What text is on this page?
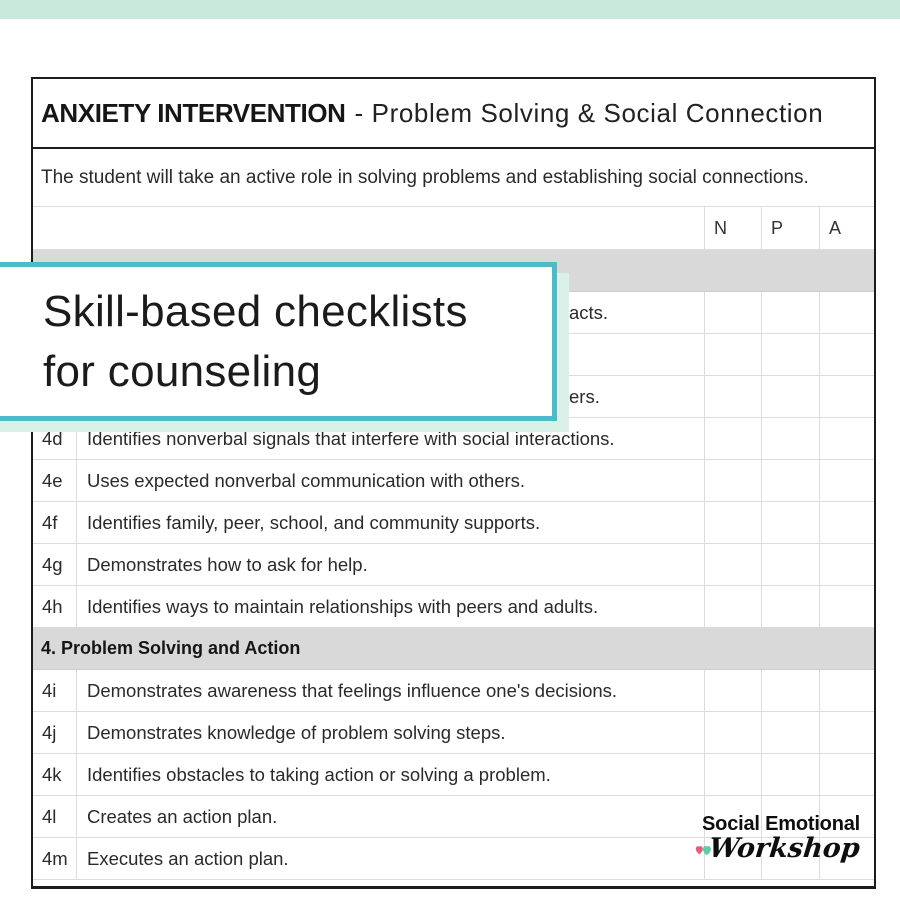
ANXIETY INTERVENTION - Problem Solving & Social Connection
The student will take an active role in solving problems and establishing social connections.
N	P	A
acts.
ers.
4d	Identifies nonverbal signals that interfere with social interactions.
4e	Uses expected nonverbal communication with others.
4f	Identifies family, peer, school, and community supports.
4g	Demonstrates how to ask for help.
4h	Identifies ways to maintain relationships with peers and adults.
4. Problem Solving and Action
4i	Demonstrates awareness that feelings influence one's decisions.
4j	Demonstrates knowledge of problem solving steps.
4k	Identifies obstacles to taking action or solving a problem.
4l	Creates an action plan.
4m	Executes an action plan.
Skill-based checklists
for counseling
Social Emotional
Workshop
